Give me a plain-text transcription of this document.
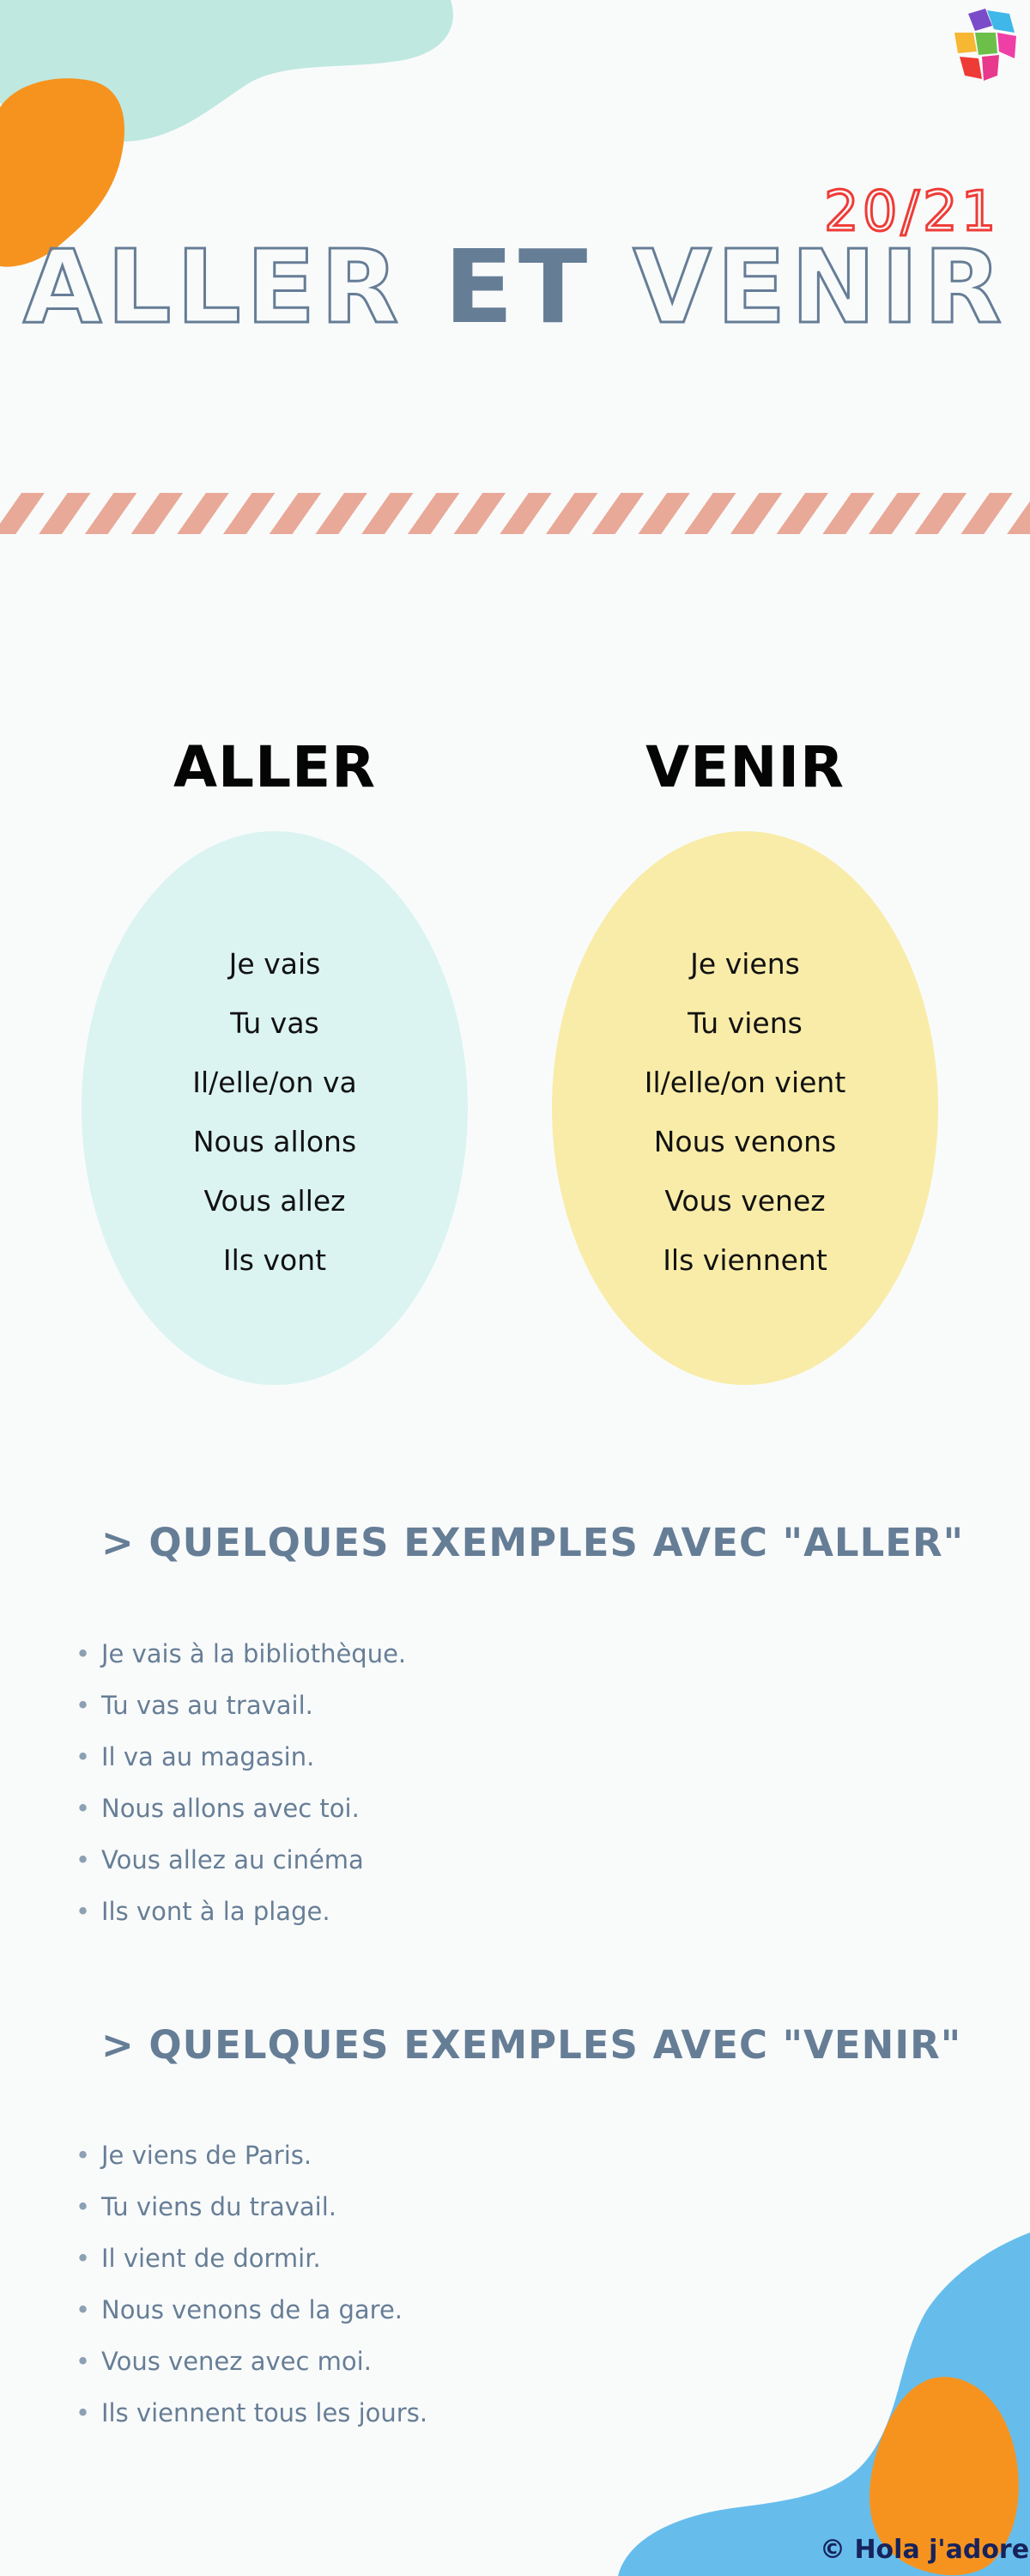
20/21
ALLER ET VENIR
ALLER	VENIR
Je vais
Tu vas
Il/elle/on va
Nous allons
Vous allez
Ils vont
Je viens
Tu viens
Il/elle/on vient
Nous venons
Vous venez
Ils viennent
> QUELQUES EXEMPLES AVEC "ALLER"
• Je vais à la bibliothèque.
• Tu vas au travail.
• Il va au magasin.
• Nous allons avec toi.
• Vous allez au cinéma
• Ils vont à la plage.
> QUELQUES EXEMPLES AVEC "VENIR"
• Je viens de Paris.
• Tu viens du travail.
• Il vient de dormir.
• Nous venons de la gare.
• Vous venez avec moi.
• Ils viennent tous les jours.
© Hola j'adore
